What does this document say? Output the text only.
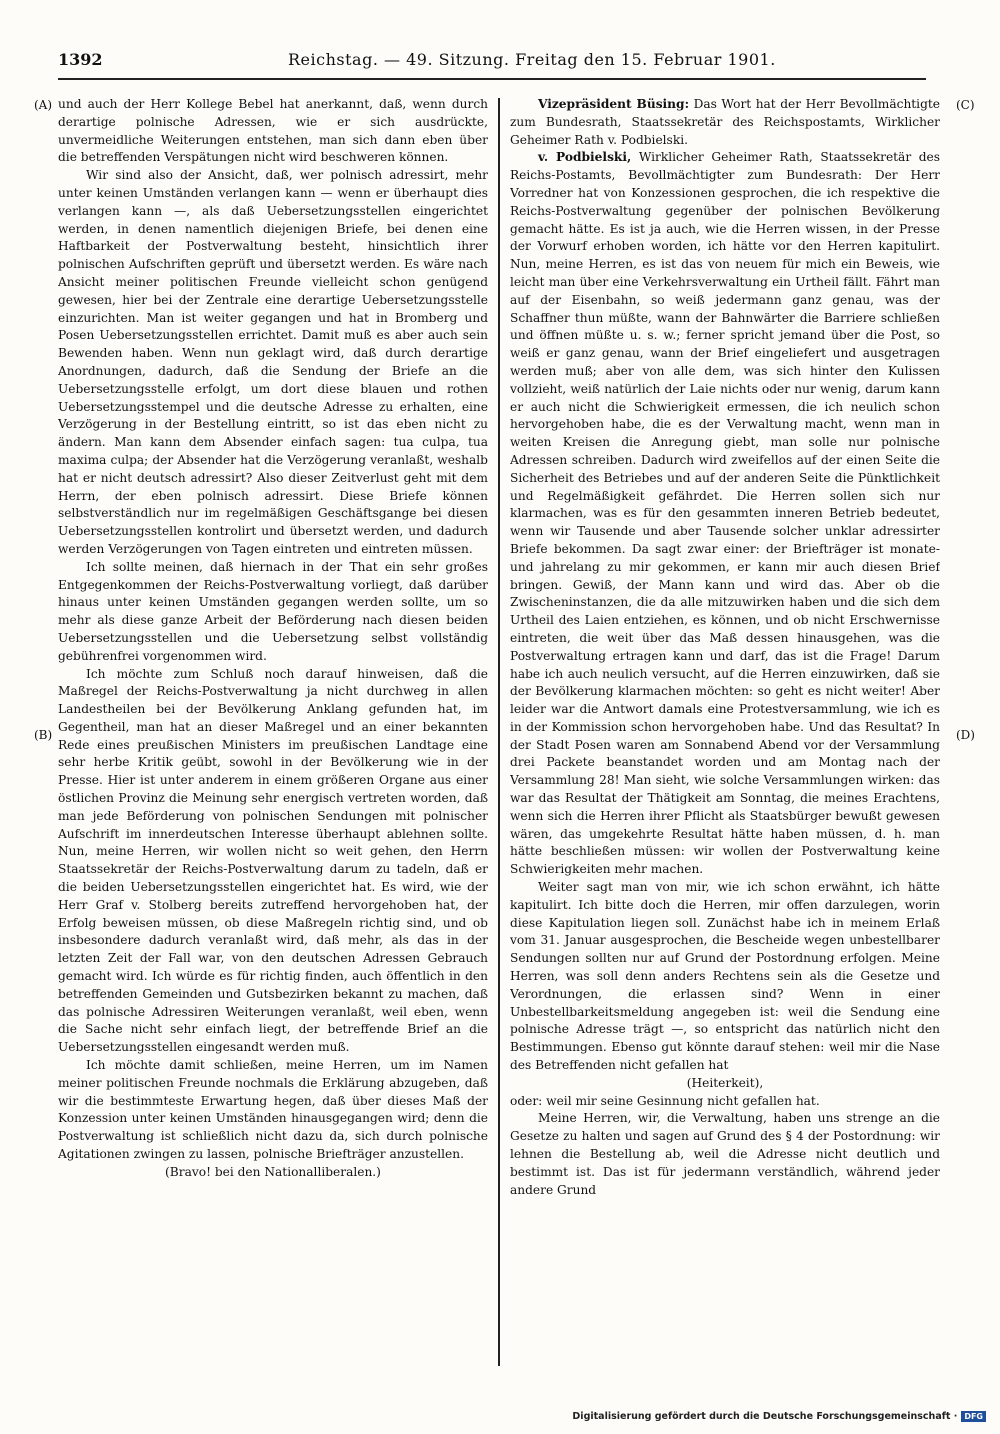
1392	Reichstag. — 49. Sitzung. Freitag den 15. Februar 1901.
(A)
(B)
(C)
(D)

und auch der Herr Kollege Bebel hat anerkannt, daß, wenn durch derartige polnische Adressen, wie er sich ausdrückte, unvermeidliche Weiterungen entstehen, man sich dann eben über die betreffenden Verspätungen nicht wird beschweren können.

Wir sind also der Ansicht, daß, wer polnisch adressirt, mehr unter keinen Umständen verlangen kann — wenn er überhaupt dies verlangen kann —, als daß Uebersetzungsstellen eingerichtet werden, in denen namentlich diejenigen Briefe, bei denen eine Haftbarkeit der Postverwaltung besteht, hinsichtlich ihrer polnischen Aufschriften geprüft und übersetzt werden. Es wäre nach Ansicht meiner politischen Freunde vielleicht schon genügend gewesen, hier bei der Zentrale eine derartige Uebersetzungsstelle einzurichten. Man ist weiter gegangen und hat in Bromberg und Posen Uebersetzungsstellen errichtet. Damit muß es aber auch sein Bewenden haben. Wenn nun geklagt wird, daß durch derartige Anordnungen, dadurch, daß die Sendung der Briefe an die Uebersetzungsstelle erfolgt, um dort diese blauen und rothen Uebersetzungsstempel und die deutsche Adresse zu erhalten, eine Verzögerung in der Bestellung eintritt, so ist das eben nicht zu ändern. Man kann dem Absender einfach sagen: tua culpa, tua maxima culpa; der Absender hat die Verzögerung veranlaßt, weshalb hat er nicht deutsch adressirt? Also dieser Zeitverlust geht mit dem Herrn, der eben polnisch adressirt. Diese Briefe können selbstverständlich nur im regelmäßigen Geschäftsgange bei diesen Uebersetzungsstellen kontrolirt und übersetzt werden, und dadurch werden Verzögerungen von Tagen eintreten und eintreten müssen.

Ich sollte meinen, daß hiernach in der That ein sehr großes Entgegenkommen der Reichs-Postverwaltung vorliegt, daß darüber hinaus unter keinen Umständen gegangen werden sollte, um so mehr als diese ganze Arbeit der Beförderung nach diesen beiden Uebersetzungsstellen und die Uebersetzung selbst vollständig gebührenfrei vorgenommen wird.

Ich möchte zum Schluß noch darauf hinweisen, daß die Maßregel der Reichs-Postverwaltung ja nicht durchweg in allen Landestheilen bei der Bevölkerung Anklang gefunden hat, im Gegentheil, man hat an dieser Maßregel und an einer bekannten Rede eines preußischen Ministers im preußischen Landtage eine sehr herbe Kritik geübt, sowohl in der Bevölkerung wie in der Presse. Hier ist unter anderem in einem größeren Organe aus einer östlichen Provinz die Meinung sehr energisch vertreten worden, daß man jede Beförderung von polnischen Sendungen mit polnischer Aufschrift im innerdeutschen Interesse überhaupt ablehnen sollte. Nun, meine Herren, wir wollen nicht so weit gehen, den Herrn Staatssekretär der Reichs-Postverwaltung darum zu tadeln, daß er die beiden Uebersetzungsstellen eingerichtet hat. Es wird, wie der Herr Graf v. Stolberg bereits zutreffend hervorgehoben hat, der Erfolg beweisen müssen, ob diese Maßregeln richtig sind, und ob insbesondere dadurch veranlaßt wird, daß mehr, als das in der letzten Zeit der Fall war, von den deutschen Adressen Gebrauch gemacht wird. Ich würde es für richtig finden, auch öffentlich in den betreffenden Gemeinden und Gutsbezirken bekannt zu machen, daß das polnische Adressiren Weiterungen veranlaßt, weil eben, wenn die Sache nicht sehr einfach liegt, der betreffende Brief an die Uebersetzungsstellen eingesandt werden muß.

Ich möchte damit schließen, meine Herren, um im Namen meiner politischen Freunde nochmals die Erklärung abzugeben, daß wir die bestimmteste Erwartung hegen, daß über dieses Maß der Konzession unter keinen Umständen hinausgegangen wird; denn die Postverwaltung ist schließlich nicht dazu da, sich durch polnische Agitationen zwingen zu lassen, polnische Briefträger anzustellen.

(Bravo! bei den Nationalliberalen.)

Vizepräsident Büsing: Das Wort hat der Herr Bevollmächtigte zum Bundesrath, Staatssekretär des Reichspostamts, Wirklicher Geheimer Rath v. Podbielski.

v. Podbielski, Wirklicher Geheimer Rath, Staatssekretär des Reichs-Postamts, Bevollmächtigter zum Bundesrath: Der Herr Vorredner hat von Konzessionen gesprochen, die ich respektive die Reichs-Postverwaltung gegenüber der polnischen Bevölkerung gemacht hätte. Es ist ja auch, wie die Herren wissen, in der Presse der Vorwurf erhoben worden, ich hätte vor den Herren kapitulirt. Nun, meine Herren, es ist das von neuem für mich ein Beweis, wie leicht man über eine Verkehrsverwaltung ein Urtheil fällt. Fährt man auf der Eisenbahn, so weiß jedermann ganz genau, was der Schaffner thun müßte, wann der Bahnwärter die Barriere schließen und öffnen müßte u. s. w.; ferner spricht jemand über die Post, so weiß er ganz genau, wann der Brief eingeliefert und ausgetragen werden muß; aber von alle dem, was sich hinter den Kulissen vollzieht, weiß natürlich der Laie nichts oder nur wenig, darum kann er auch nicht die Schwierigkeit ermessen, die ich neulich schon hervorgehoben habe, die es der Verwaltung macht, wenn man in weiten Kreisen die Anregung giebt, man solle nur polnische Adressen schreiben. Dadurch wird zweifellos auf der einen Seite die Sicherheit des Betriebes und auf der anderen Seite die Pünktlichkeit und Regelmäßigkeit gefährdet. Die Herren sollen sich nur klarmachen, was es für den gesammten inneren Betrieb bedeutet, wenn wir Tausende und aber Tausende solcher unklar adressirter Briefe bekommen. Da sagt zwar einer: der Briefträger ist monate- und jahrelang zu mir gekommen, er kann mir auch diesen Brief bringen. Gewiß, der Mann kann und wird das. Aber ob die Zwischeninstanzen, die da alle mitzuwirken haben und die sich dem Urtheil des Laien entziehen, es können, und ob nicht Erschwernisse eintreten, die weit über das Maß dessen hinausgehen, was die Postverwaltung ertragen kann und darf, das ist die Frage! Darum habe ich auch neulich versucht, auf die Herren einzuwirken, daß sie der Bevölkerung klarmachen möchten: so geht es nicht weiter! Aber leider war die Antwort damals eine Protestversammlung, wie ich es in der Kommission schon hervorgehoben habe. Und das Resultat? In der Stadt Posen waren am Sonnabend Abend vor der Versammlung drei Packete beanstandet worden und am Montag nach der Versammlung 28! Man sieht, wie solche Versammlungen wirken: das war das Resultat der Thätigkeit am Sonntag, die meines Erachtens, wenn sich die Herren ihrer Pflicht als Staatsbürger bewußt gewesen wären, das umgekehrte Resultat hätte haben müssen, d. h. man hätte beschließen müssen: wir wollen der Postverwaltung keine Schwierigkeiten mehr machen.

Weiter sagt man von mir, wie ich schon erwähnt, ich hätte kapitulirt. Ich bitte doch die Herren, mir offen darzulegen, worin diese Kapitulation liegen soll. Zunächst habe ich in meinem Erlaß vom 31. Januar ausgesprochen, die Bescheide wegen unbestellbarer Sendungen sollten nur auf Grund der Postordnung erfolgen. Meine Herren, was soll denn anders Rechtens sein als die Gesetze und Verordnungen, die erlassen sind? Wenn in einer Unbestellbarkeitsmeldung angegeben ist: weil die Sendung eine polnische Adresse trägt —, so entspricht das natürlich nicht den Bestimmungen. Ebenso gut könnte darauf stehen: weil mir die Nase des Betreffenden nicht gefallen hat

(Heiterkeit),

oder: weil mir seine Gesinnung nicht gefallen hat.

Meine Herren, wir, die Verwaltung, haben uns strenge an die Gesetze zu halten und sagen auf Grund des § 4 der Postordnung: wir lehnen die Bestellung ab, weil die Adresse nicht deutlich und bestimmt ist. Das ist für jedermann verständlich, während jeder andere Grund

Digitalisierung gefördert durch die Deutsche Forschungsgemeinschaft · DFG
